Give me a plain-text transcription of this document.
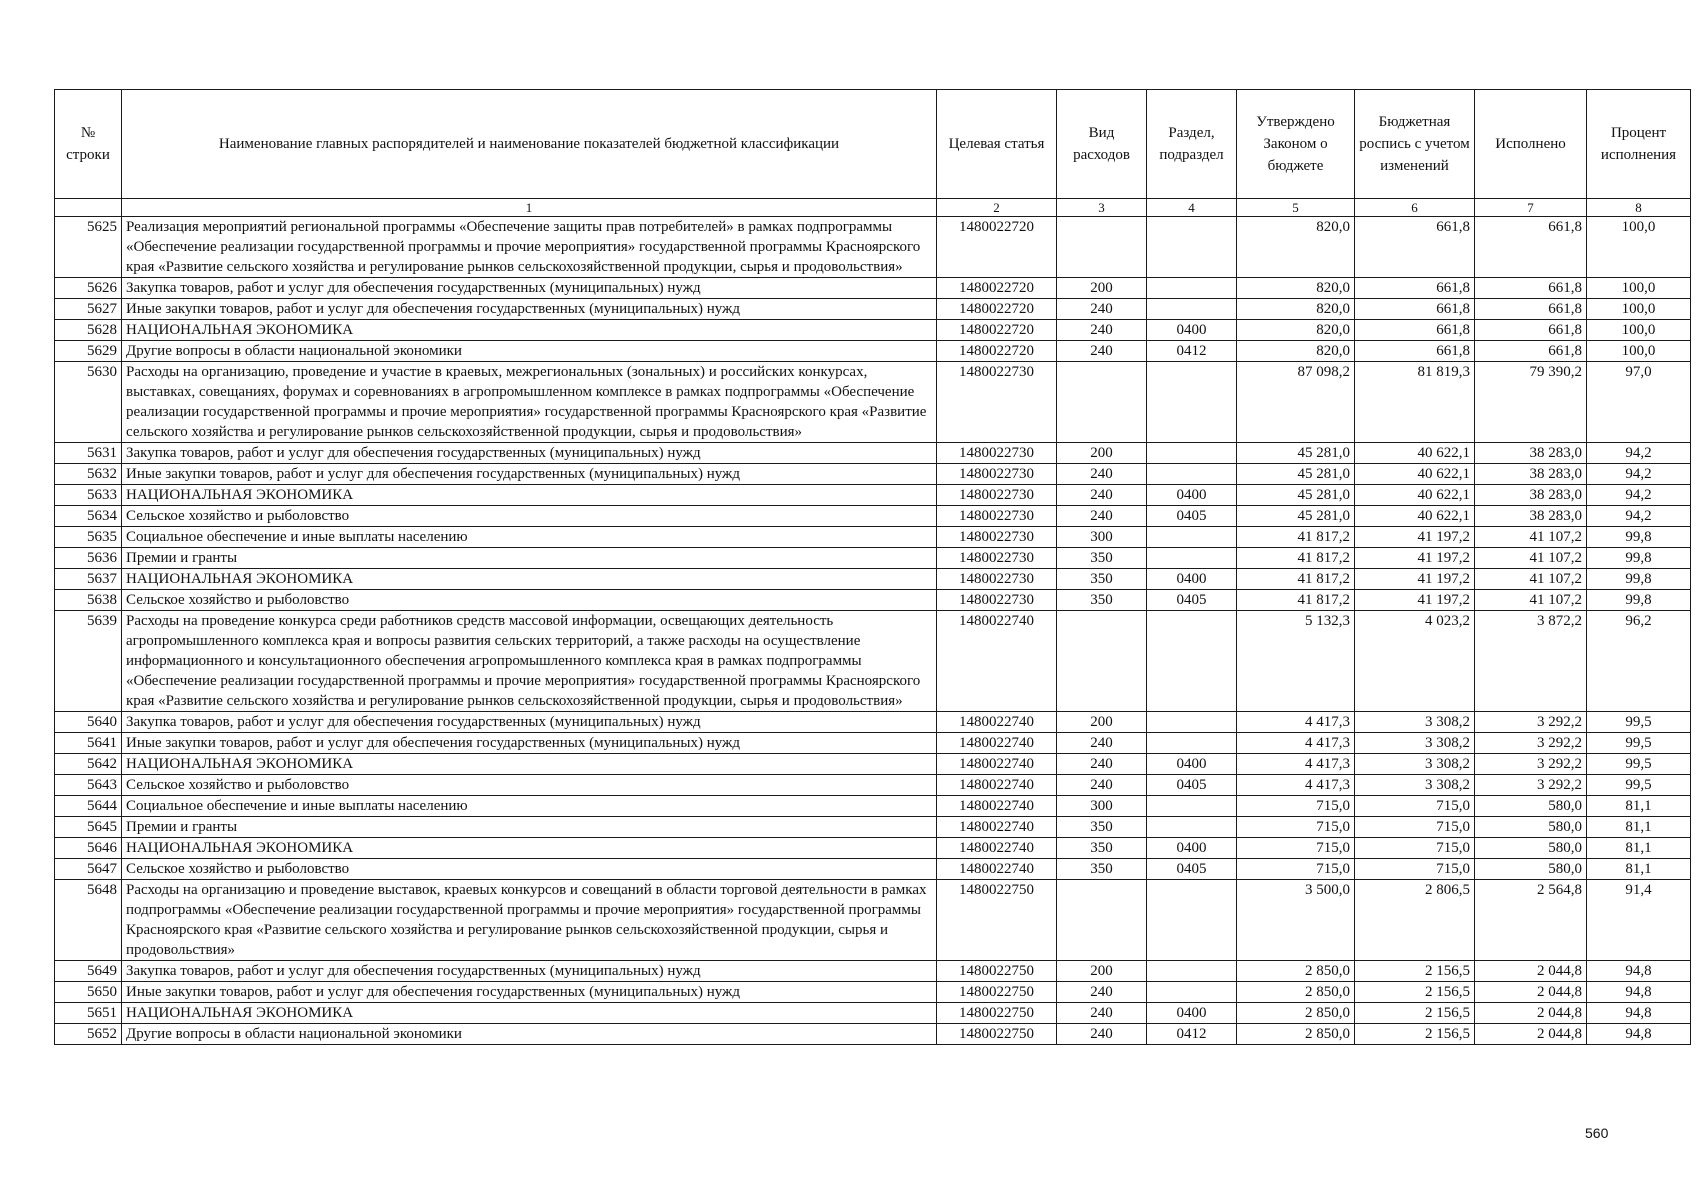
№ строки	Наименование главных распорядителей и наименование показателей бюджетной классификации	Целевая статья	Вид расходов	Раздел, подраздел	Утверждено Законом о бюджете	Бюджетная роспись с учетом изменений	Исполнено	Процент исполнения
	1	2	3	4	5	6	7	8
5625	Реализация мероприятий региональной программы «Обеспечение защиты прав потребителей» в рамках подпрограммы «Обеспечение реализации государственной программы и прочие мероприятия» государственной программы Красноярского края «Развитие сельского хозяйства и регулирование рынков сельскохозяйственной продукции, сырья и продовольствия»	1480022720			820,0	661,8	661,8	100,0
5626	Закупка товаров, работ и услуг для обеспечения государственных (муниципальных) нужд	1480022720	200		820,0	661,8	661,8	100,0
5627	Иные закупки товаров, работ и услуг для обеспечения государственных (муниципальных) нужд	1480022720	240		820,0	661,8	661,8	100,0
5628	НАЦИОНАЛЬНАЯ ЭКОНОМИКА	1480022720	240	0400	820,0	661,8	661,8	100,0
5629	Другие вопросы в области национальной экономики	1480022720	240	0412	820,0	661,8	661,8	100,0
5630	Расходы на организацию, проведение и участие в краевых, межрегиональных (зональных) и российских конкурсах, выставках, совещаниях, форумах и соревнованиях в агропромышленном комплексе в рамках подпрограммы «Обеспечение реализации государственной программы и прочие мероприятия» государственной программы Красноярского края «Развитие сельского хозяйства и регулирование рынков сельскохозяйственной продукции, сырья и продовольствия»	1480022730			87 098,2	81 819,3	79 390,2	97,0
5631	Закупка товаров, работ и услуг для обеспечения государственных (муниципальных) нужд	1480022730	200		45 281,0	40 622,1	38 283,0	94,2
5632	Иные закупки товаров, работ и услуг для обеспечения государственных (муниципальных) нужд	1480022730	240		45 281,0	40 622,1	38 283,0	94,2
5633	НАЦИОНАЛЬНАЯ ЭКОНОМИКА	1480022730	240	0400	45 281,0	40 622,1	38 283,0	94,2
5634	Сельское хозяйство и рыболовство	1480022730	240	0405	45 281,0	40 622,1	38 283,0	94,2
5635	Социальное обеспечение и иные выплаты населению	1480022730	300		41 817,2	41 197,2	41 107,2	99,8
5636	Премии и гранты	1480022730	350		41 817,2	41 197,2	41 107,2	99,8
5637	НАЦИОНАЛЬНАЯ ЭКОНОМИКА	1480022730	350	0400	41 817,2	41 197,2	41 107,2	99,8
5638	Сельское хозяйство и рыболовство	1480022730	350	0405	41 817,2	41 197,2	41 107,2	99,8
5639	Расходы на проведение конкурса среди работников средств массовой информации, освещающих деятельность агропромышленного комплекса края и вопросы развития сельских территорий, а также расходы на осуществление информационного и консультационного обеспечения агропромышленного комплекса края в рамках подпрограммы «Обеспечение реализации государственной программы и прочие мероприятия» государственной программы Красноярского края «Развитие сельского хозяйства и регулирование рынков сельскохозяйственной продукции, сырья и продовольствия»	1480022740			5 132,3	4 023,2	3 872,2	96,2
5640	Закупка товаров, работ и услуг для обеспечения государственных (муниципальных) нужд	1480022740	200		4 417,3	3 308,2	3 292,2	99,5
5641	Иные закупки товаров, работ и услуг для обеспечения государственных (муниципальных) нужд	1480022740	240		4 417,3	3 308,2	3 292,2	99,5
5642	НАЦИОНАЛЬНАЯ ЭКОНОМИКА	1480022740	240	0400	4 417,3	3 308,2	3 292,2	99,5
5643	Сельское хозяйство и рыболовство	1480022740	240	0405	4 417,3	3 308,2	3 292,2	99,5
5644	Социальное обеспечение и иные выплаты населению	1480022740	300		715,0	715,0	580,0	81,1
5645	Премии и гранты	1480022740	350		715,0	715,0	580,0	81,1
5646	НАЦИОНАЛЬНАЯ ЭКОНОМИКА	1480022740	350	0400	715,0	715,0	580,0	81,1
5647	Сельское хозяйство и рыболовство	1480022740	350	0405	715,0	715,0	580,0	81,1
5648	Расходы на организацию и проведение выставок, краевых конкурсов и совещаний в области торговой деятельности в рамках подпрограммы «Обеспечение реализации государственной программы и прочие мероприятия» государственной программы Красноярского края «Развитие сельского хозяйства и регулирование рынков сельскохозяйственной продукции, сырья и продовольствия»	1480022750			3 500,0	2 806,5	2 564,8	91,4
5649	Закупка товаров, работ и услуг для обеспечения государственных (муниципальных) нужд	1480022750	200		2 850,0	2 156,5	2 044,8	94,8
5650	Иные закупки товаров, работ и услуг для обеспечения государственных (муниципальных) нужд	1480022750	240		2 850,0	2 156,5	2 044,8	94,8
5651	НАЦИОНАЛЬНАЯ ЭКОНОМИКА	1480022750	240	0400	2 850,0	2 156,5	2 044,8	94,8
5652	Другие вопросы в области национальной экономики	1480022750	240	0412	2 850,0	2 156,5	2 044,8	94,8
560
